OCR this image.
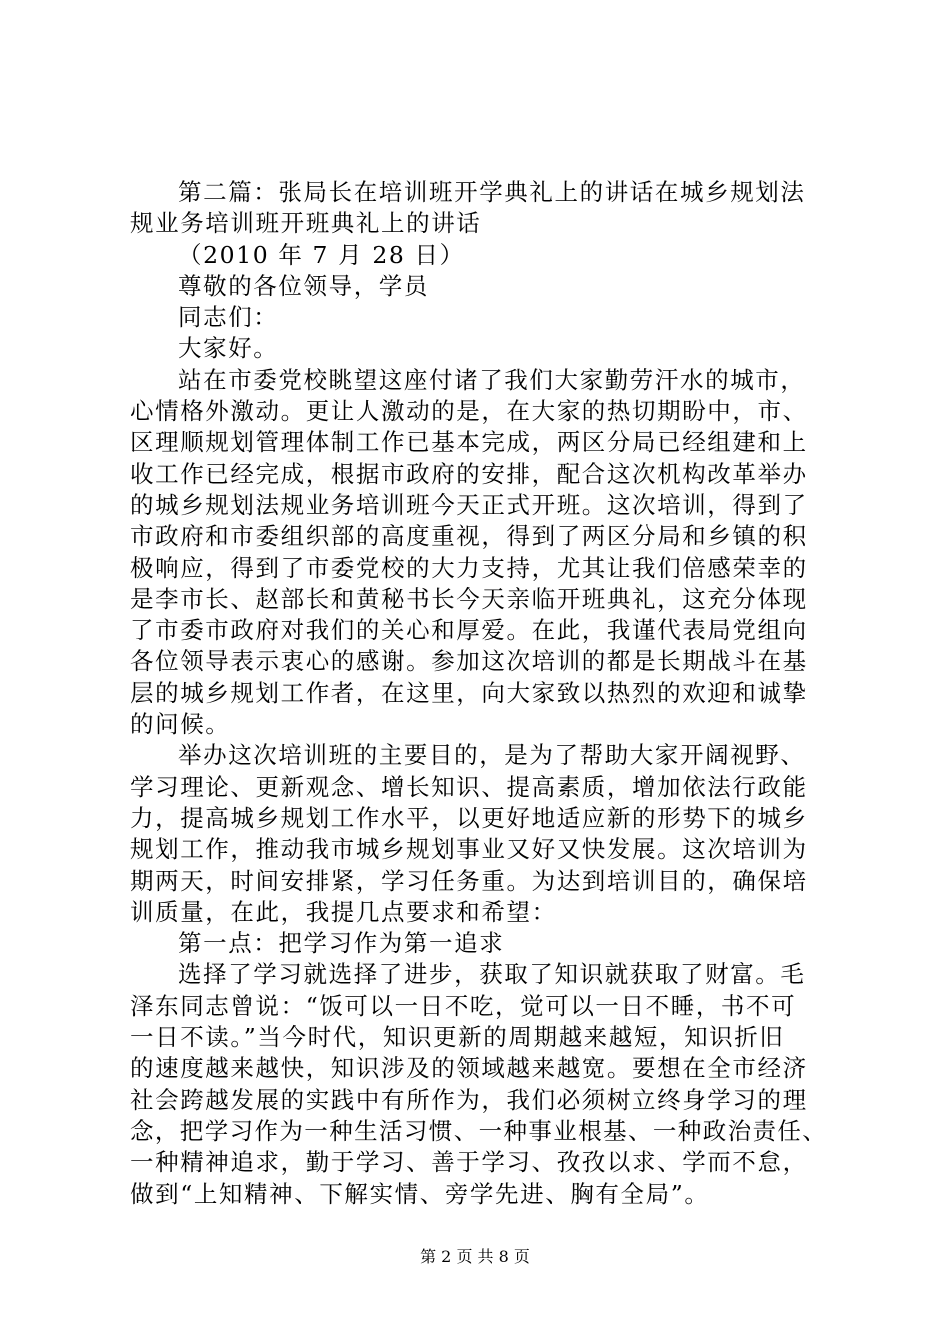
第二篇：张局长在培训班开学典礼上的讲话在城乡规划法
规业务培训班开班典礼上的讲话
（2010 年 7 月 28 日）
尊敬的各位领导，学员
同志们：
大家好。
站在市委党校眺望这座付诸了我们大家勤劳汗水的城市，
心情格外激动。更让人激动的是，在大家的热切期盼中，市、
区理顺规划管理体制工作已基本完成，两区分局已经组建和上
收工作已经完成，根据市政府的安排，配合这次机构改革举办
的城乡规划法规业务培训班今天正式开班。这次培训，得到了
市政府和市委组织部的高度重视，得到了两区分局和乡镇的积
极响应，得到了市委党校的大力支持，尤其让我们倍感荣幸的
是李市长、赵部长和黄秘书长今天亲临开班典礼，这充分体现
了市委市政府对我们的关心和厚爱。在此，我谨代表局党组向
各位领导表示衷心的感谢。参加这次培训的都是长期战斗在基
层的城乡规划工作者，在这里，向大家致以热烈的欢迎和诚挚
的问候。
举办这次培训班的主要目的，是为了帮助大家开阔视野、
学习理论、更新观念、增长知识、提高素质，增加依法行政能
力，提高城乡规划工作水平，以更好地适应新的形势下的城乡
规划工作，推动我市城乡规划事业又好又快发展。这次培训为
期两天，时间安排紧，学习任务重。为达到培训目的，确保培
训质量，在此，我提几点要求和希望：
第一点：把学习作为第一追求
选择了学习就选择了进步，获取了知识就获取了财富。毛
泽东同志曾说：“饭可以一日不吃，觉可以一日不睡，书不可
一日不读。”当今时代，知识更新的周期越来越短，知识折旧
的速度越来越快，知识涉及的领域越来越宽。要想在全市经济
社会跨越发展的实践中有所作为，我们必须树立终身学习的理
念，把学习作为一种生活习惯、一种事业根基、一种政治责任、
一种精神追求，勤于学习、善于学习、孜孜以求、学而不怠，
做到“上知精神、下解实情、旁学先进、胸有全局”。
第 2 页 共 8 页
